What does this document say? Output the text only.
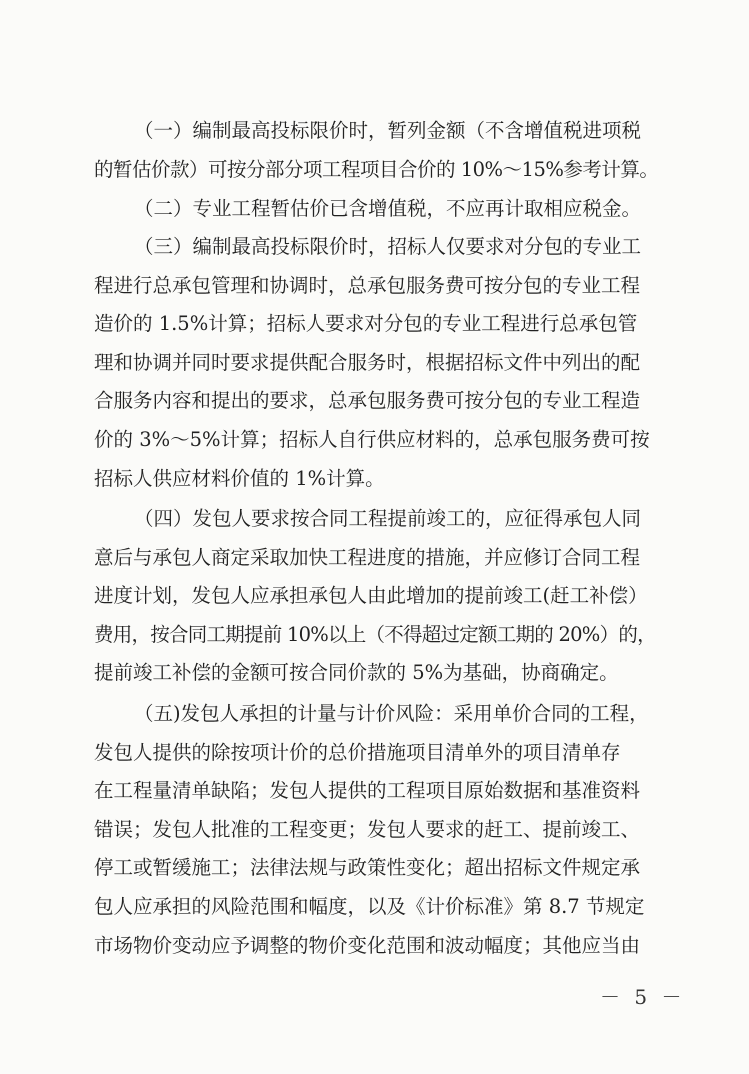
（一）编制最高投标限价时，暂列金额（不含增值税进项税
的暂估价款）可按分部分项工程项目合价的 10%～15%参考计算。
（二）专业工程暂估价已含增值税，不应再计取相应税金。
（三）编制最高投标限价时，招标人仅要求对分包的专业工
程进行总承包管理和协调时，总承包服务费可按分包的专业工程
造价的 1.5%计算；招标人要求对分包的专业工程进行总承包管
理和协调并同时要求提供配合服务时，根据招标文件中列出的配
合服务内容和提出的要求，总承包服务费可按分包的专业工程造
价的 3%～5%计算；招标人自行供应材料的，总承包服务费可按
招标人供应材料价值的 1%计算。
（四）发包人要求按合同工程提前竣工的，应征得承包人同
意后与承包人商定采取加快工程进度的措施，并应修订合同工程
进度计划，发包人应承担承包人由此增加的提前竣工(赶工补偿）
费用，按合同工期提前 10%以上（不得超过定额工期的 20%）的，
提前竣工补偿的金额可按合同价款的 5%为基础，协商确定。
（五)发包人承担的计量与计价风险：采用单价合同的工程，
发包人提供的除按项计价的总价措施项目清单外的项目清单存
在工程量清单缺陷；发包人提供的工程项目原始数据和基准资料
错误；发包人批准的工程变更；发包人要求的赶工、提前竣工、
停工或暂缓施工；法律法规与政策性变化；超出招标文件规定承
包人应承担的风险范围和幅度，以及《计价标准》第 8.7 节规定
市场物价变动应予调整的物价变化范围和波动幅度；其他应当由
－ 5 －
